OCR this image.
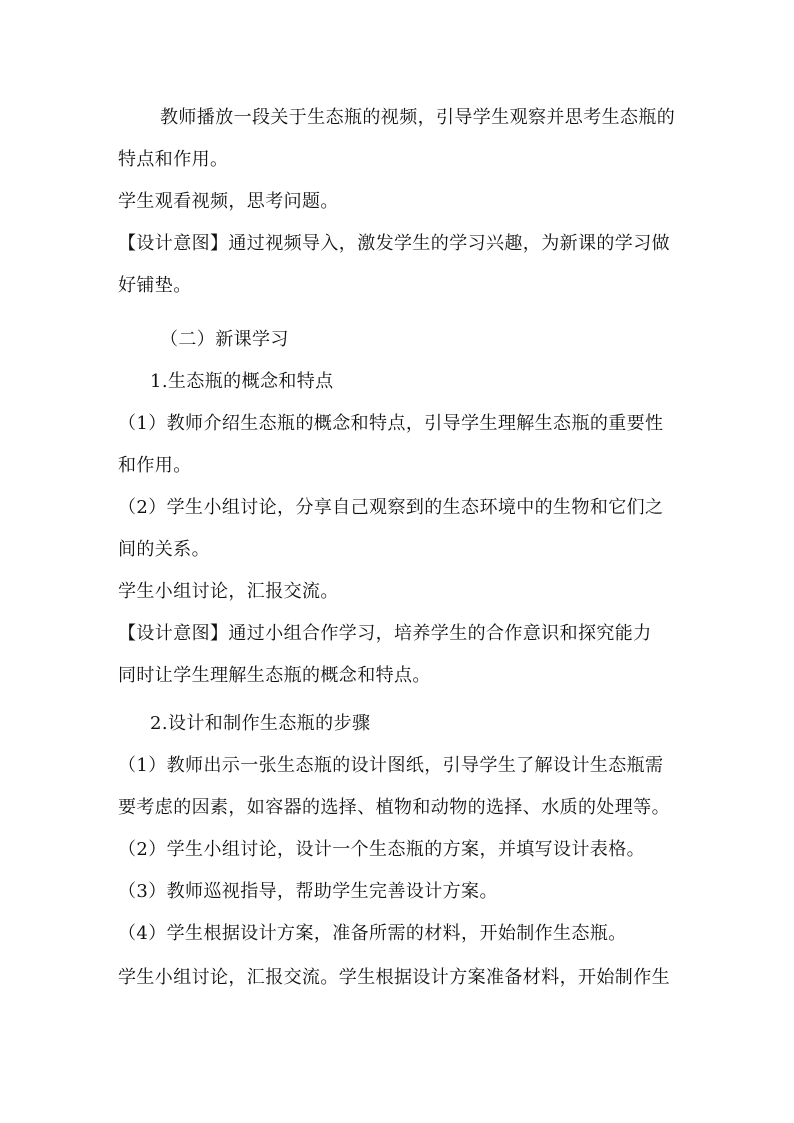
教师播放一段关于生态瓶的视频，引导学生观察并思考生态瓶的
特点和作用。
学生观看视频，思考问题。
【设计意图】通过视频导入，激发学生的学习兴趣，为新课的学习做
好铺垫。
（二）新课学习
1.生态瓶的概念和特点
（1）教师介绍生态瓶的概念和特点，引导学生理解生态瓶的重要性
和作用。
（2）学生小组讨论，分享自己观察到的生态环境中的生物和它们之
间的关系。
学生小组讨论，汇报交流。
【设计意图】通过小组合作学习，培养学生的合作意识和探究能力
同时让学生理解生态瓶的概念和特点。
2.设计和制作生态瓶的步骤
（1）教师出示一张生态瓶的设计图纸，引导学生了解设计生态瓶需
要考虑的因素，如容器的选择、植物和动物的选择、水质的处理等。
（2）学生小组讨论，设计一个生态瓶的方案，并填写设计表格。
（3）教师巡视指导，帮助学生完善设计方案。
（4）学生根据设计方案，准备所需的材料，开始制作生态瓶。
学生小组讨论，汇报交流。学生根据设计方案准备材料，开始制作生
